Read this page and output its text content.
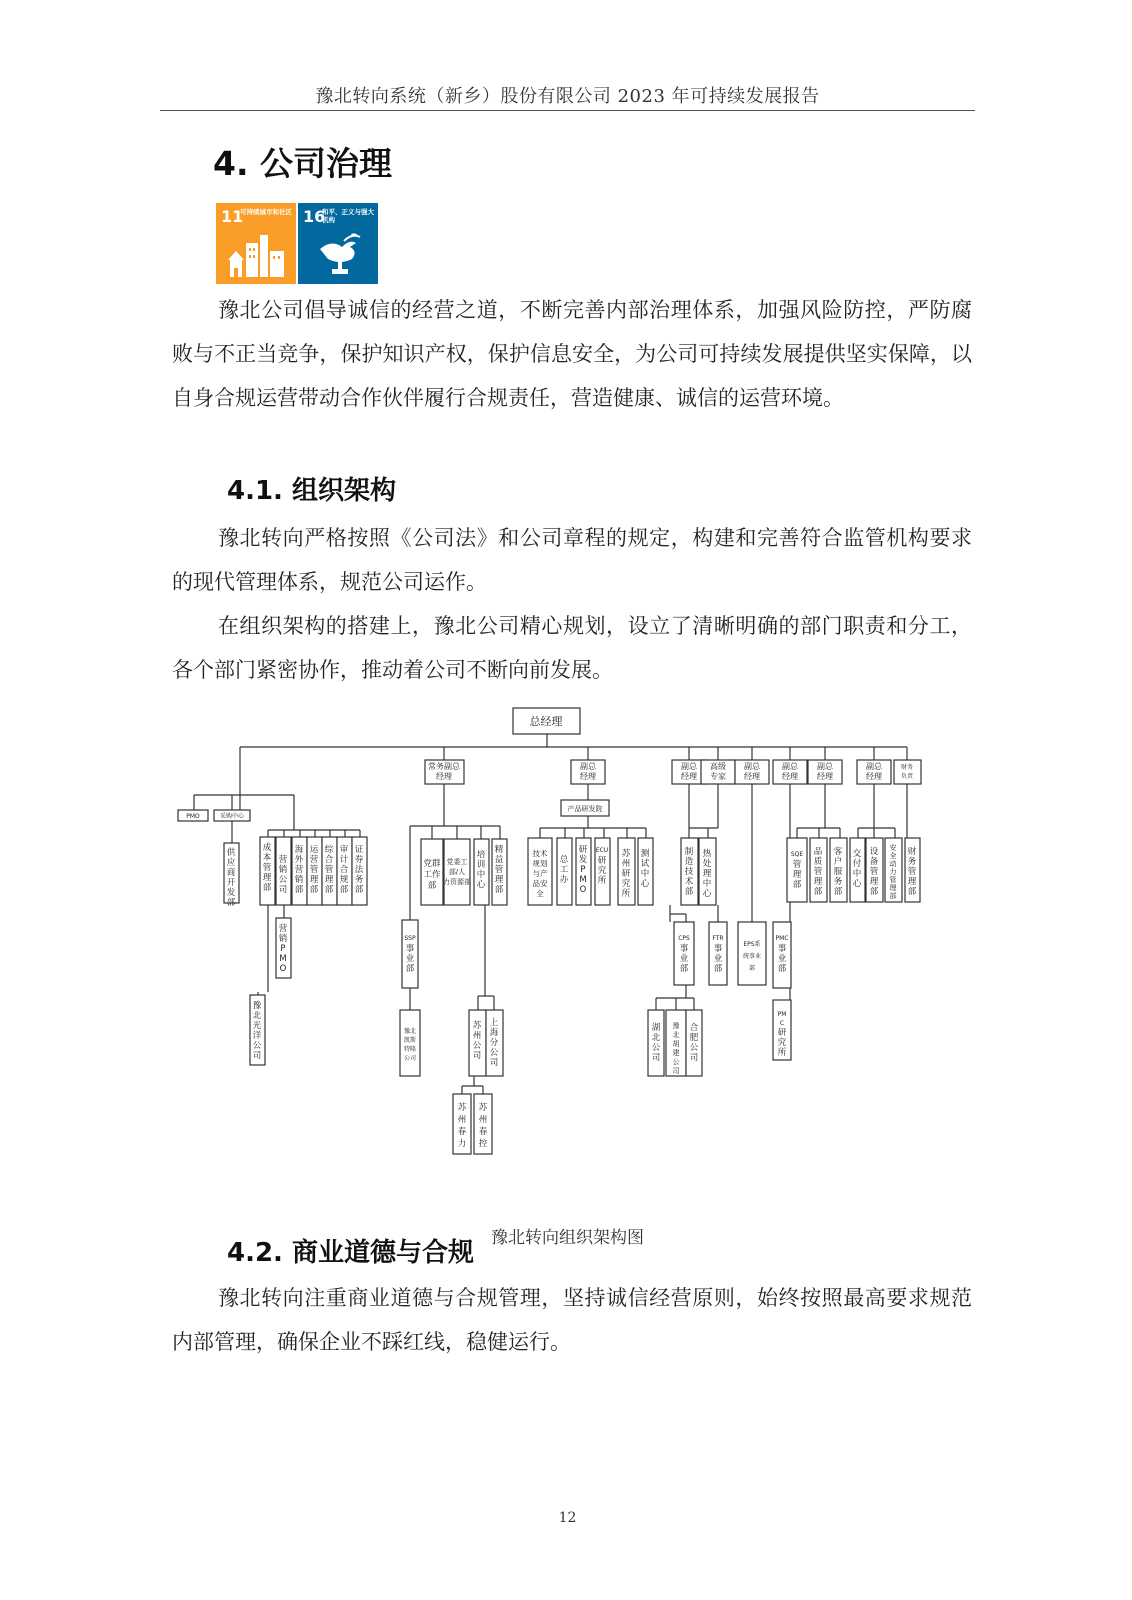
豫北转向系统（新乡）股份有限公司 2023 年可持续发展报告
4. 公司治理
11
可持续城市和社区 16
和平、正义与强大机构
豫北公司倡导诚信的经营之道，不断完善内部治理体系，加强风险防控，严防腐败与不正当竞争，保护知识产权，保护信息安全，为公司可持续发展提供坚实保障，以自身合规运营带动合作伙伴履行合规责任，营造健康、诚信的运营环境。
4.1. 组织架构
豫北转向严格按照《公司法》和公司章程的规定，构建和完善符合监管机构要求的现代管理体系，规范公司运作。
在组织架构的搭建上，豫北公司精心规划，设立了清晰明确的部门职责和分工，各个部门紧密协作，推动着公司不断向前发展。
总经理
常务副总
经理
副总
经理
副总
经理
高级
专家
副总
经理
副总
经理
副总
经理
副总
经理
财务
负责
PMO	采购中心
产品研发院
供应商开发部
成本管理部
营销公司
海外营销部
运营管理部
综合管理部
审计合规部
证券法务部
营销 P M O
豫北光洋公司
党群工作部
党委工部/人力资源部
培训中心
精益管理部
SSP 事业部
豫北凯斯特隆公司
苏州公司
上海分公司
苏州春力
苏州春控
技术规划与产品安全
总工办
研发 P M O
ECU 研究所
苏州研究所
测试中心
制造技术部
热处理中心
CPS 事业部
FTR 事业部
EPS系统事业部
湖北公司
豫北胡建公司
合肥公司
PMC 事业部
PM C 研究所
SQE 管理部
品质管理部
客户服务部
交付中心
设备管理部
安全动力管理部
财务管理部
豫北转向组织架构图
4.2. 商业道德与合规
豫北转向注重商业道德与合规管理，坚持诚信经营原则，始终按照最高要求规范内部管理，确保企业不踩红线，稳健运行。
12
